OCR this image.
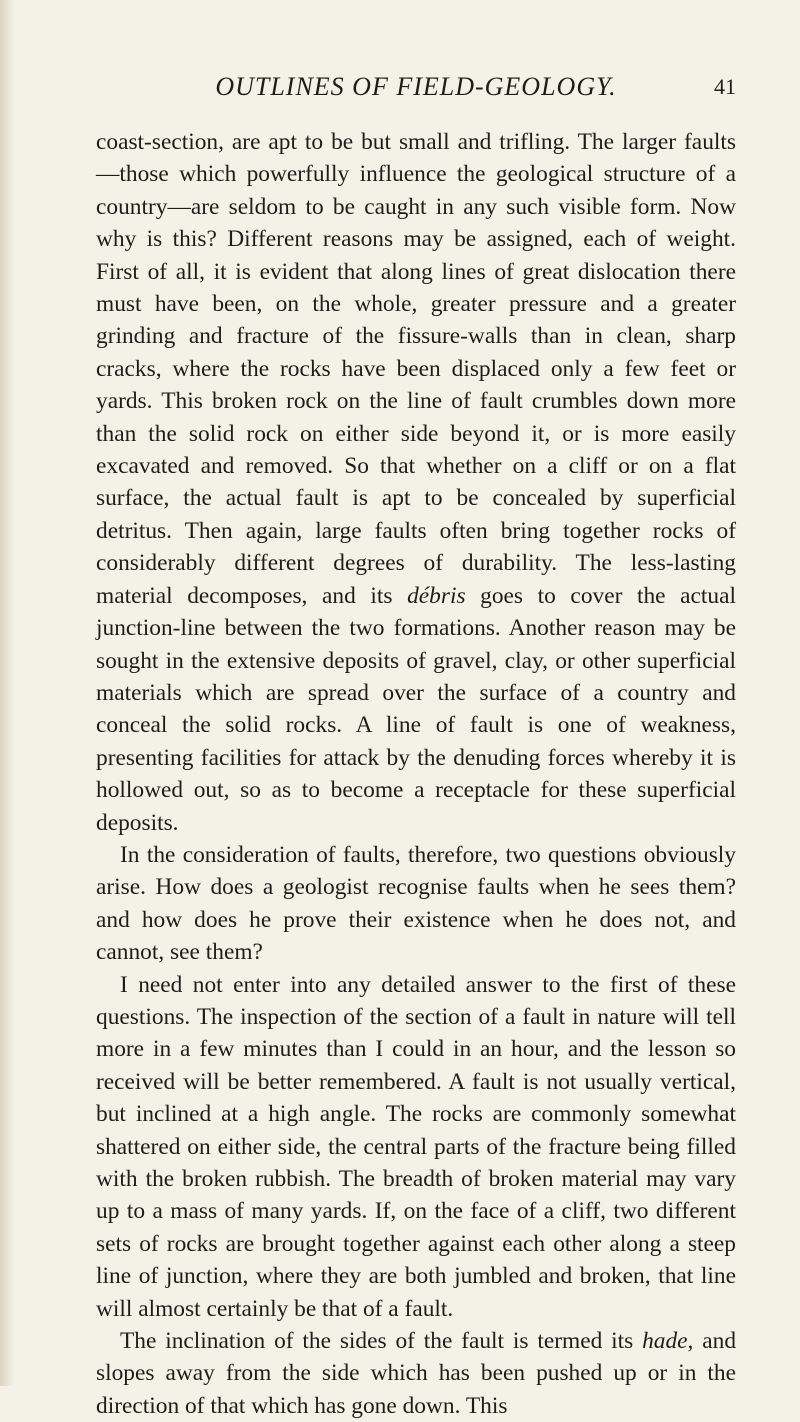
OUTLINES OF FIELD-GEOLOGY.	41

coast-section, are apt to be but small and trifling. The larger faults—those which powerfully influence the geological structure of a country—are seldom to be caught in any such visible form. Now why is this? Different reasons may be assigned, each of weight. First of all, it is evident that along lines of great dislocation there must have been, on the whole, greater pressure and a greater grinding and fracture of the fissure-walls than in clean, sharp cracks, where the rocks have been displaced only a few feet or yards. This broken rock on the line of fault crumbles down more than the solid rock on either side beyond it, or is more easily excavated and removed. So that whether on a cliff or on a flat surface, the actual fault is apt to be concealed by superficial detritus. Then again, large faults often bring together rocks of considerably different degrees of durability. The less-lasting material decomposes, and its débris goes to cover the actual junction-line between the two formations. Another reason may be sought in the extensive deposits of gravel, clay, or other superficial materials which are spread over the surface of a country and conceal the solid rocks. A line of fault is one of weakness, presenting facilities for attack by the denuding forces whereby it is hollowed out, so as to become a receptacle for these superficial deposits.

In the consideration of faults, therefore, two questions obviously arise. How does a geologist recognise faults when he sees them? and how does he prove their existence when he does not, and cannot, see them?

I need not enter into any detailed answer to the first of these questions. The inspection of the section of a fault in nature will tell more in a few minutes than I could in an hour, and the lesson so received will be better remembered. A fault is not usually vertical, but inclined at a high angle. The rocks are commonly somewhat shattered on either side, the central parts of the fracture being filled with the broken rubbish. The breadth of broken material may vary up to a mass of many yards. If, on the face of a cliff, two different sets of rocks are brought together against each other along a steep line of junction, where they are both jumbled and broken, that line will almost certainly be that of a fault.

The inclination of the sides of the fault is termed its hade, and slopes away from the side which has been pushed up or in the direction of that which has gone down. This
